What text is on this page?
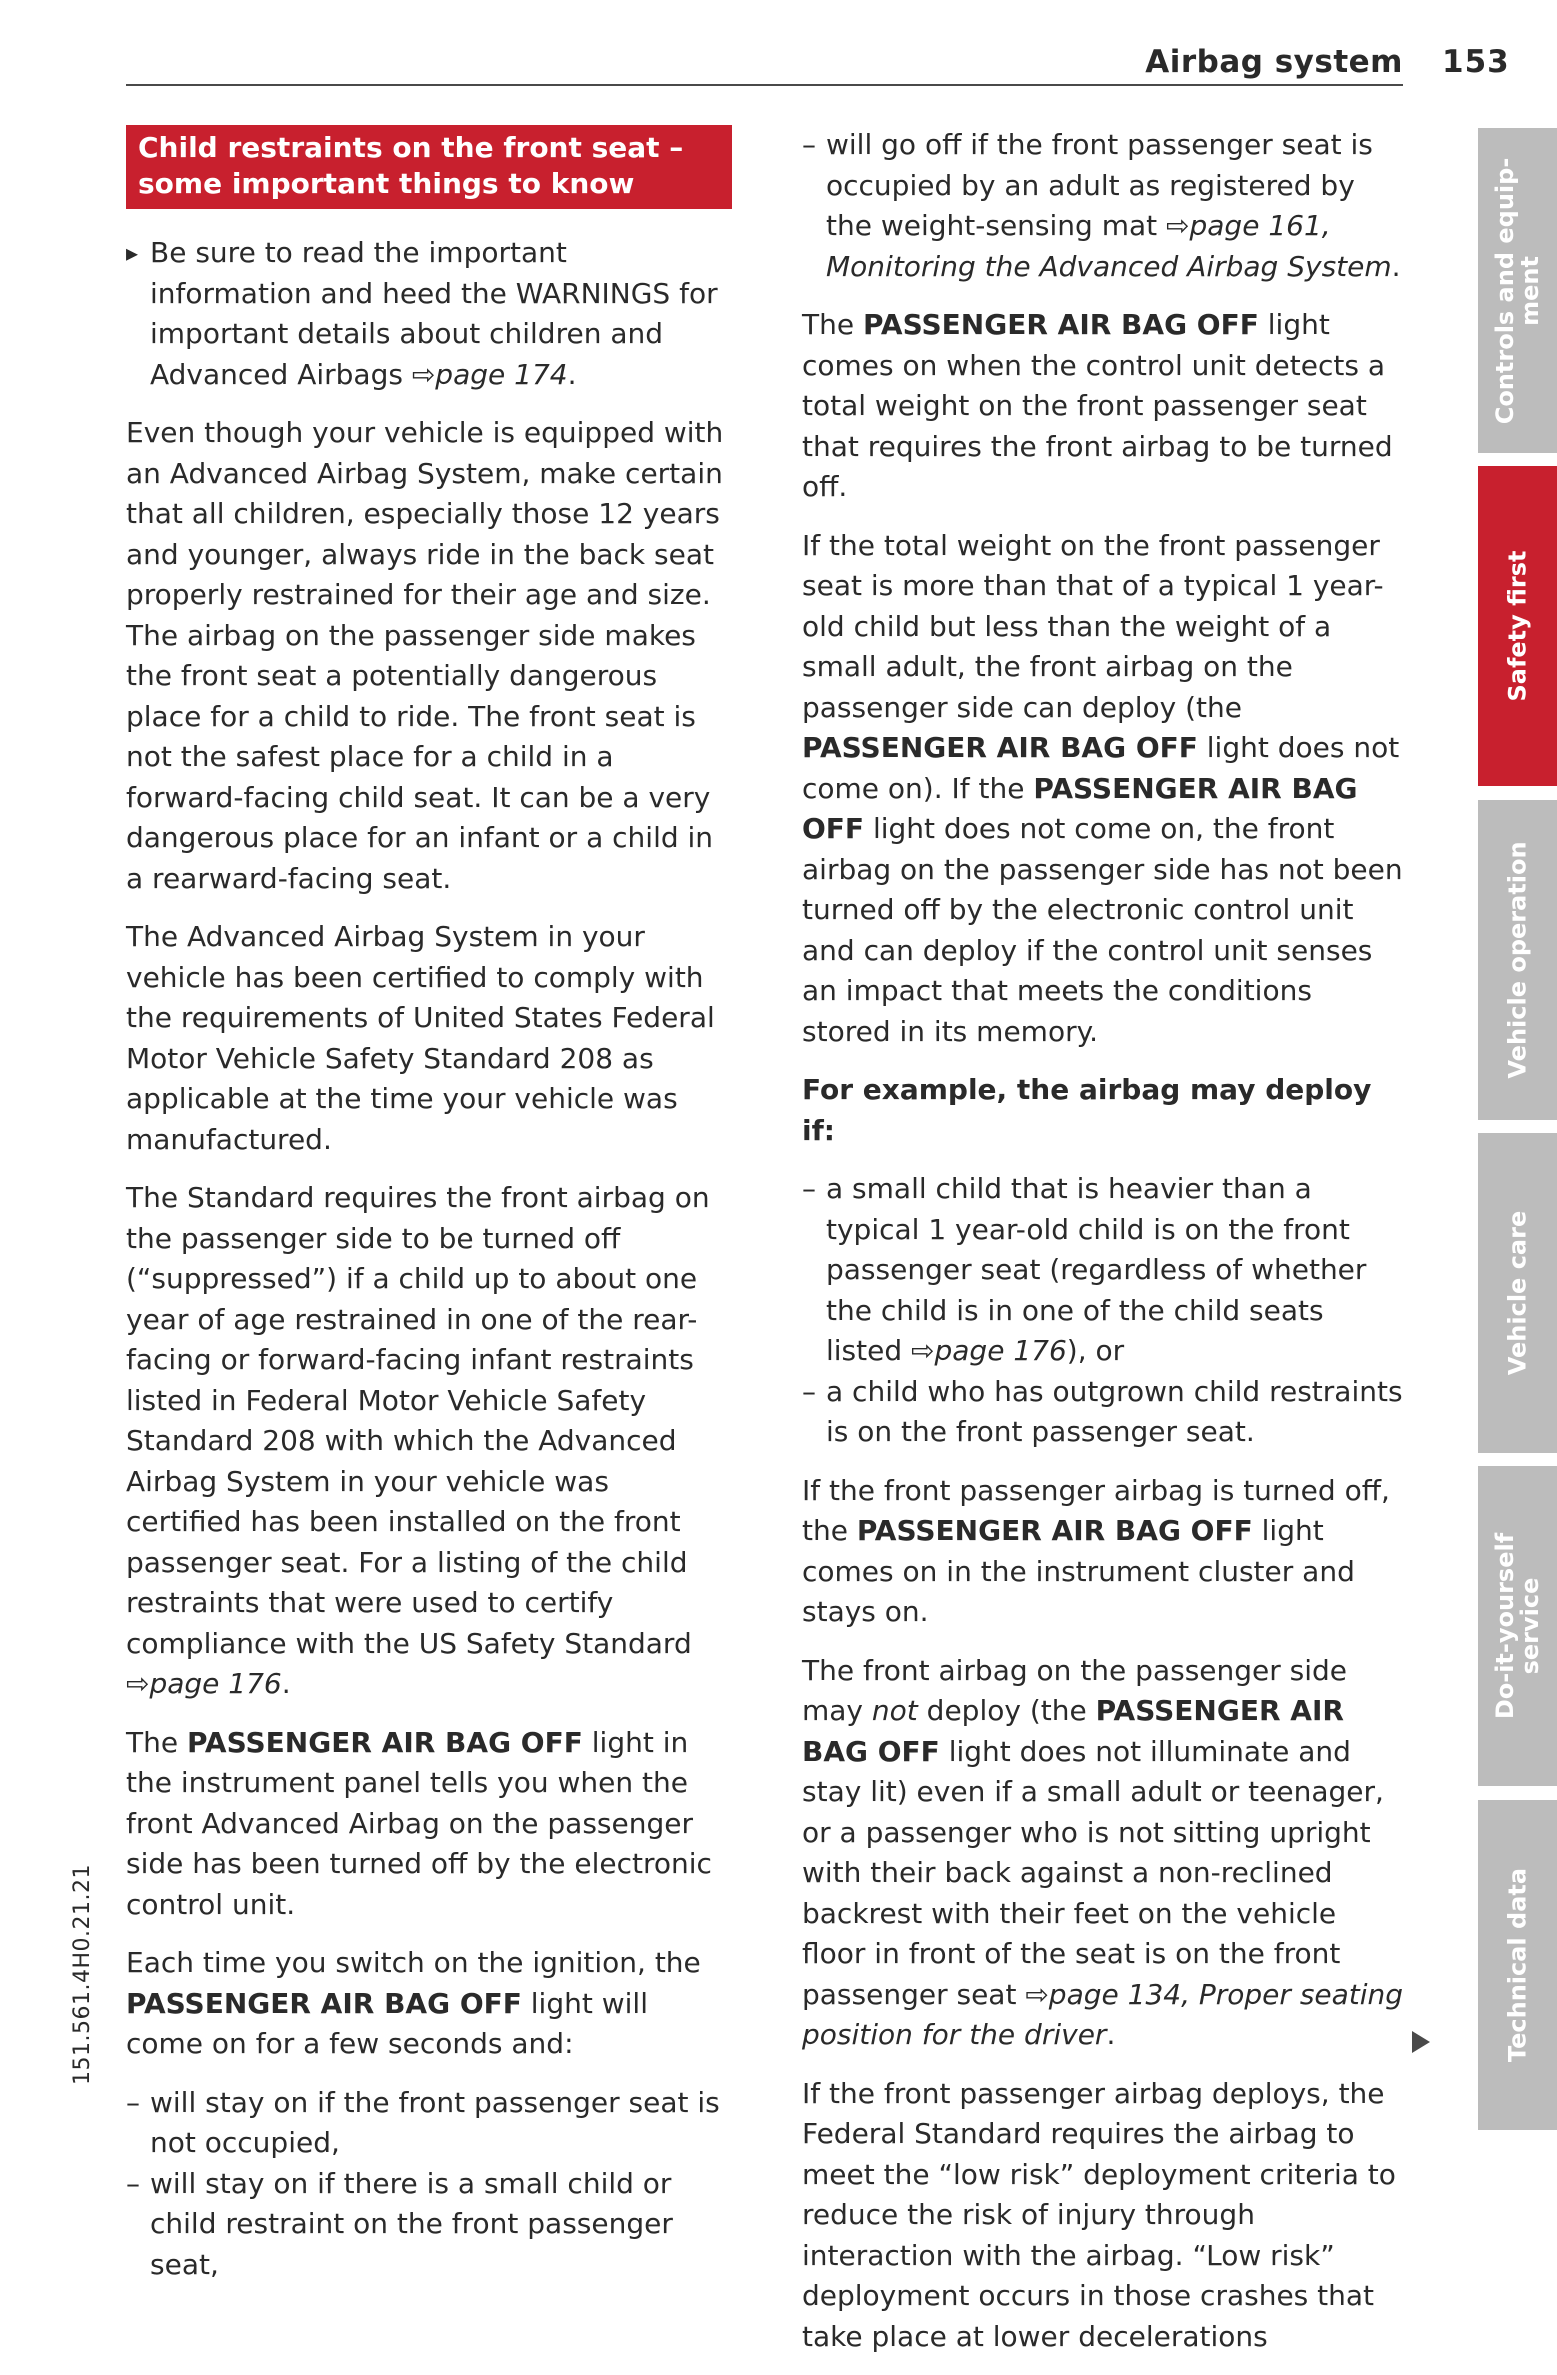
Airbag system 153
Child restraints on the front seat – some important things to know
▸ Be sure to read the important information and heed the WARNINGS for important details about children and Advanced Airbags ⇨page 174.

Even though your vehicle is equipped with an Advanced Airbag System, make certain that all children, especially those 12 years and younger, always ride in the back seat properly restrained for their age and size. The airbag on the passenger side makes the front seat a potentially dangerous place for a child to ride. The front seat is not the safest place for a child in a forward-facing child seat. It can be a very dangerous place for an infant or a child in a rearward-facing seat.

The Advanced Airbag System in your vehicle has been certified to comply with the requirements of United States Federal Motor Vehicle Safety Standard 208 as applicable at the time your vehicle was manufactured.

The Standard requires the front airbag on the passenger side to be turned off (“suppressed”) if a child up to about one year of age restrained in one of the rear-facing or forward-facing infant restraints listed in Federal Motor Vehicle Safety Standard 208 with which the Advanced Airbag System in your vehicle was certified has been installed on the front passenger seat. For a listing of the child restraints that were used to certify compliance with the US Safety Standard ⇨page 176.

The PASSENGER AIR BAG OFF light in the instrument panel tells you when the front Advanced Airbag on the passenger side has been turned off by the electronic control unit.

Each time you switch on the ignition, the PASSENGER AIR BAG OFF light will come on for a few seconds and:

– will stay on if the front passenger seat is not occupied,
– will stay on if there is a small child or child restraint on the front passenger seat,
– will go off if the front passenger seat is occupied by an adult as registered by the weight-sensing mat ⇨page 161, Monitoring the Advanced Airbag System.

The PASSENGER AIR BAG OFF light comes on when the control unit detects a total weight on the front passenger seat that requires the front airbag to be turned off.

If the total weight on the front passenger seat is more than that of a typical 1 year-old child but less than the weight of a small adult, the front airbag on the passenger side can deploy (the PASSENGER AIR BAG OFF light does not come on). If the PASSENGER AIR BAG OFF light does not come on, the front airbag on the passenger side has not been turned off by the electronic control unit and can deploy if the control unit senses an impact that meets the conditions stored in its memory.

For example, the airbag may deploy if:
– a small child that is heavier than a typical 1 year-old child is on the front passenger seat (regardless of whether the child is in one of the child seats listed ⇨page 176), or
– a child who has outgrown child restraints is on the front passenger seat.

If the front passenger airbag is turned off, the PASSENGER AIR BAG OFF light comes on in the instrument cluster and stays on.

The front airbag on the passenger side may not deploy (the PASSENGER AIR BAG OFF light does not illuminate and stay lit) even if a small adult or teenager, or a passenger who is not sitting upright with their back against a non-reclined backrest with their feet on the vehicle floor in front of the seat is on the front passenger seat ⇨page 134, Proper seating position for the driver.

If the front passenger airbag deploys, the Federal Standard requires the airbag to meet the “low risk” deployment criteria to reduce the risk of injury through interaction with the airbag. “Low risk” deployment occurs in those crashes that take place at lower decelerations

Controls and equip-
ment
Safety first
Vehicle operation
Vehicle care
Do-it-yourself
service
Technical data
151.561.4H0.21.21
